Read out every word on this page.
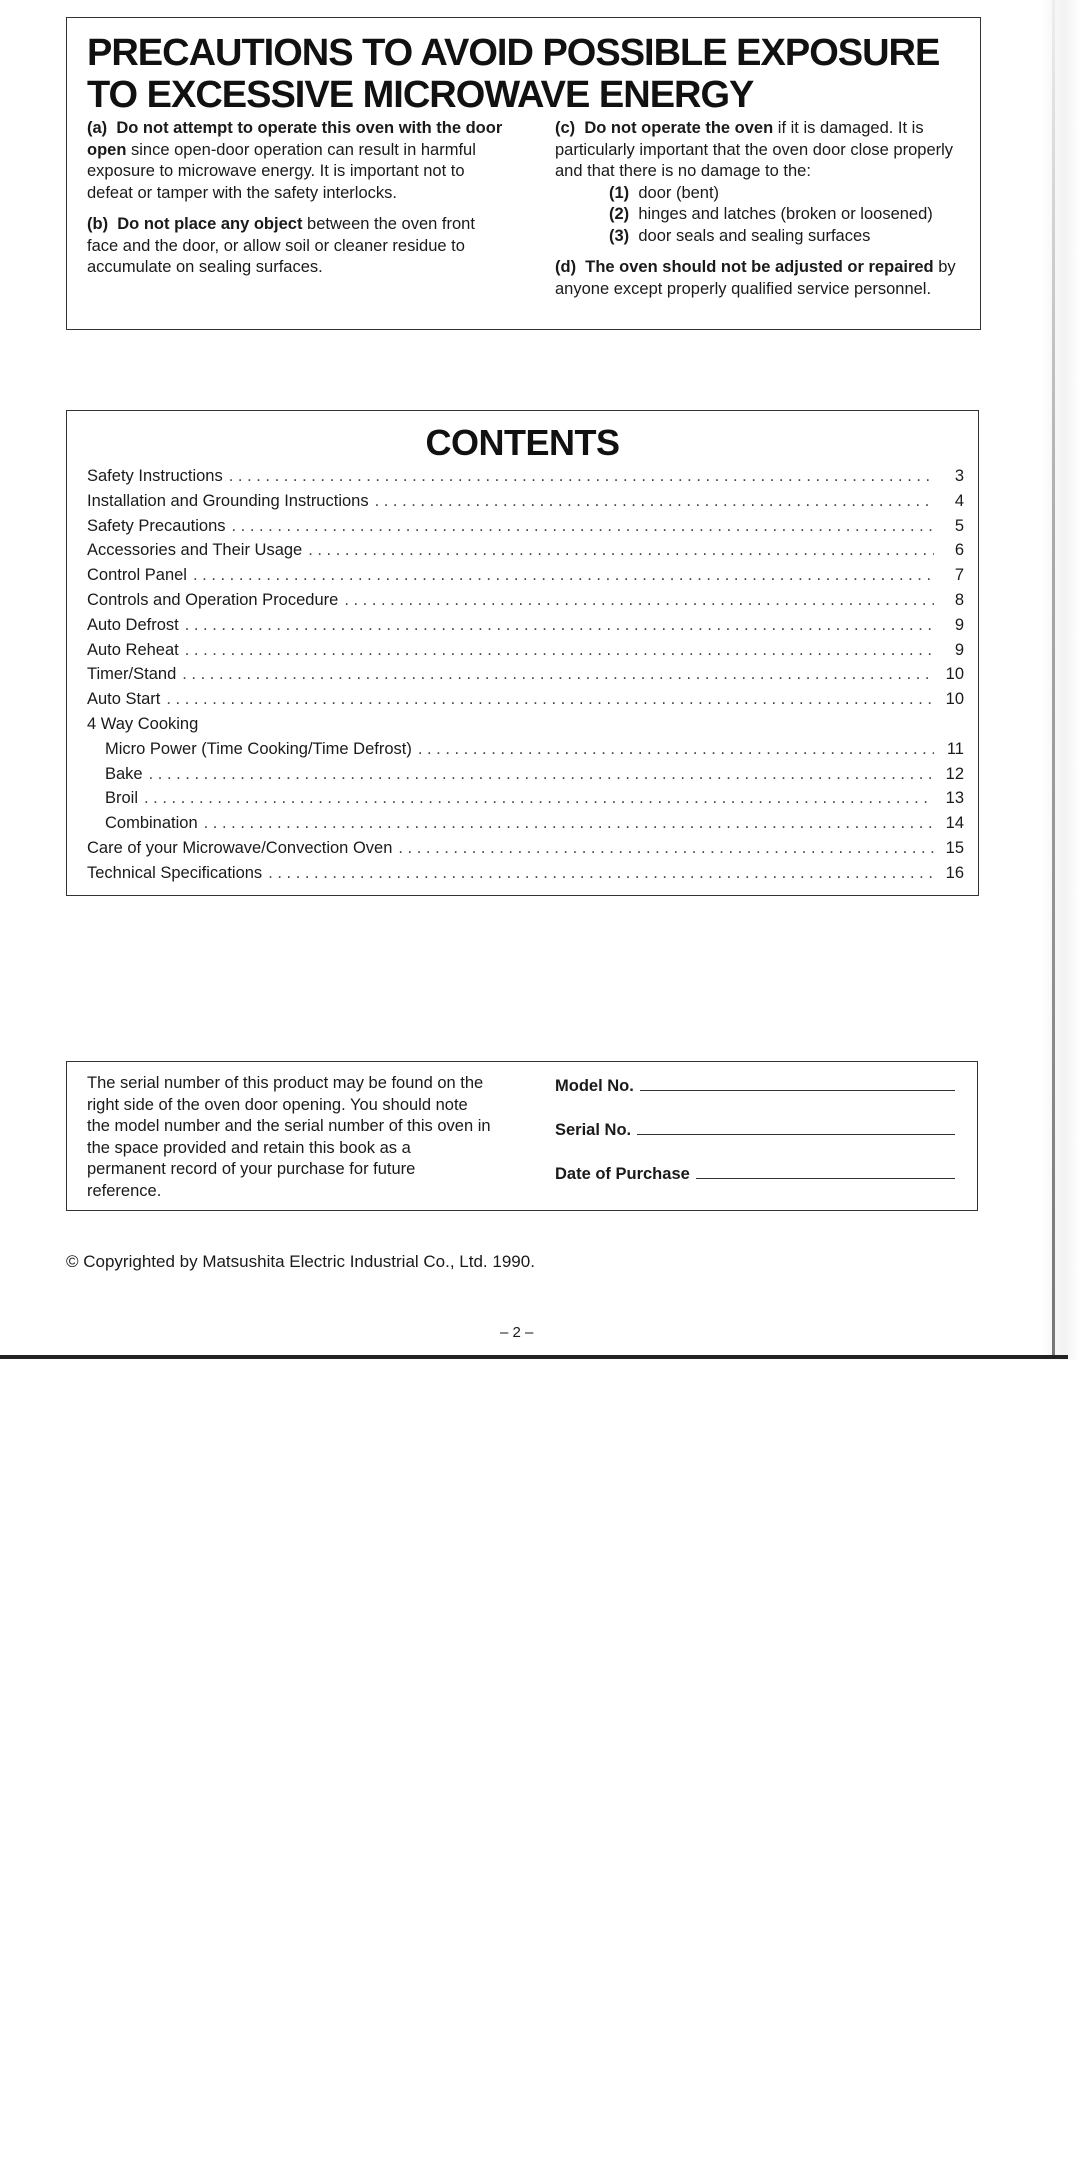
PRECAUTIONS TO AVOID POSSIBLE EXPOSURE
TO EXCESSIVE MICROWAVE ENERGY

(a) Do not attempt to operate this oven with the door open since open-door operation can result in harmful exposure to microwave energy. It is important not to defeat or tamper with the safety interlocks.

(b) Do not place any object between the oven front face and the door, or allow soil or cleaner residue to accumulate on sealing surfaces.

(c) Do not operate the oven if it is damaged. It is particularly important that the oven door close properly and that there is no damage to the:

(1) door (bent)
(2) hinges and latches (broken or loosened)
(3) door seals and sealing surfaces

(d) The oven should not be adjusted or repaired by anyone except properly qualified service personnel.

CONTENTS
Safety Instructions . . .	3
Installation and Grounding Instructions . . .	4
Safety Precautions . . .	5
Accessories and Their Usage . . .	6
Control Panel . . .	7
Controls and Operation Procedure . . .	8
Auto Defrost . . .	9
Auto Reheat . . .	9
Timer/Stand . . .	10
Auto Start . . .	10
4 Way Cooking
Micro Power (Time Cooking/Time Defrost) . . .	11
Bake . . .	12
Broil . . .	13
Combination . . .	14
Care of your Microwave/Convection Oven . . .	15
Technical Specifications . . .	16
The serial number of this product may be found on the right side of the oven door opening. You should note the model number and the serial number of this oven in the space provided and retain this book as a permanent record of your purchase for future reference.
Model No.
Serial No.
Date of Purchase
© Copyrighted by Matsushita Electric Industrial Co., Ltd. 1990.
– 2 –
